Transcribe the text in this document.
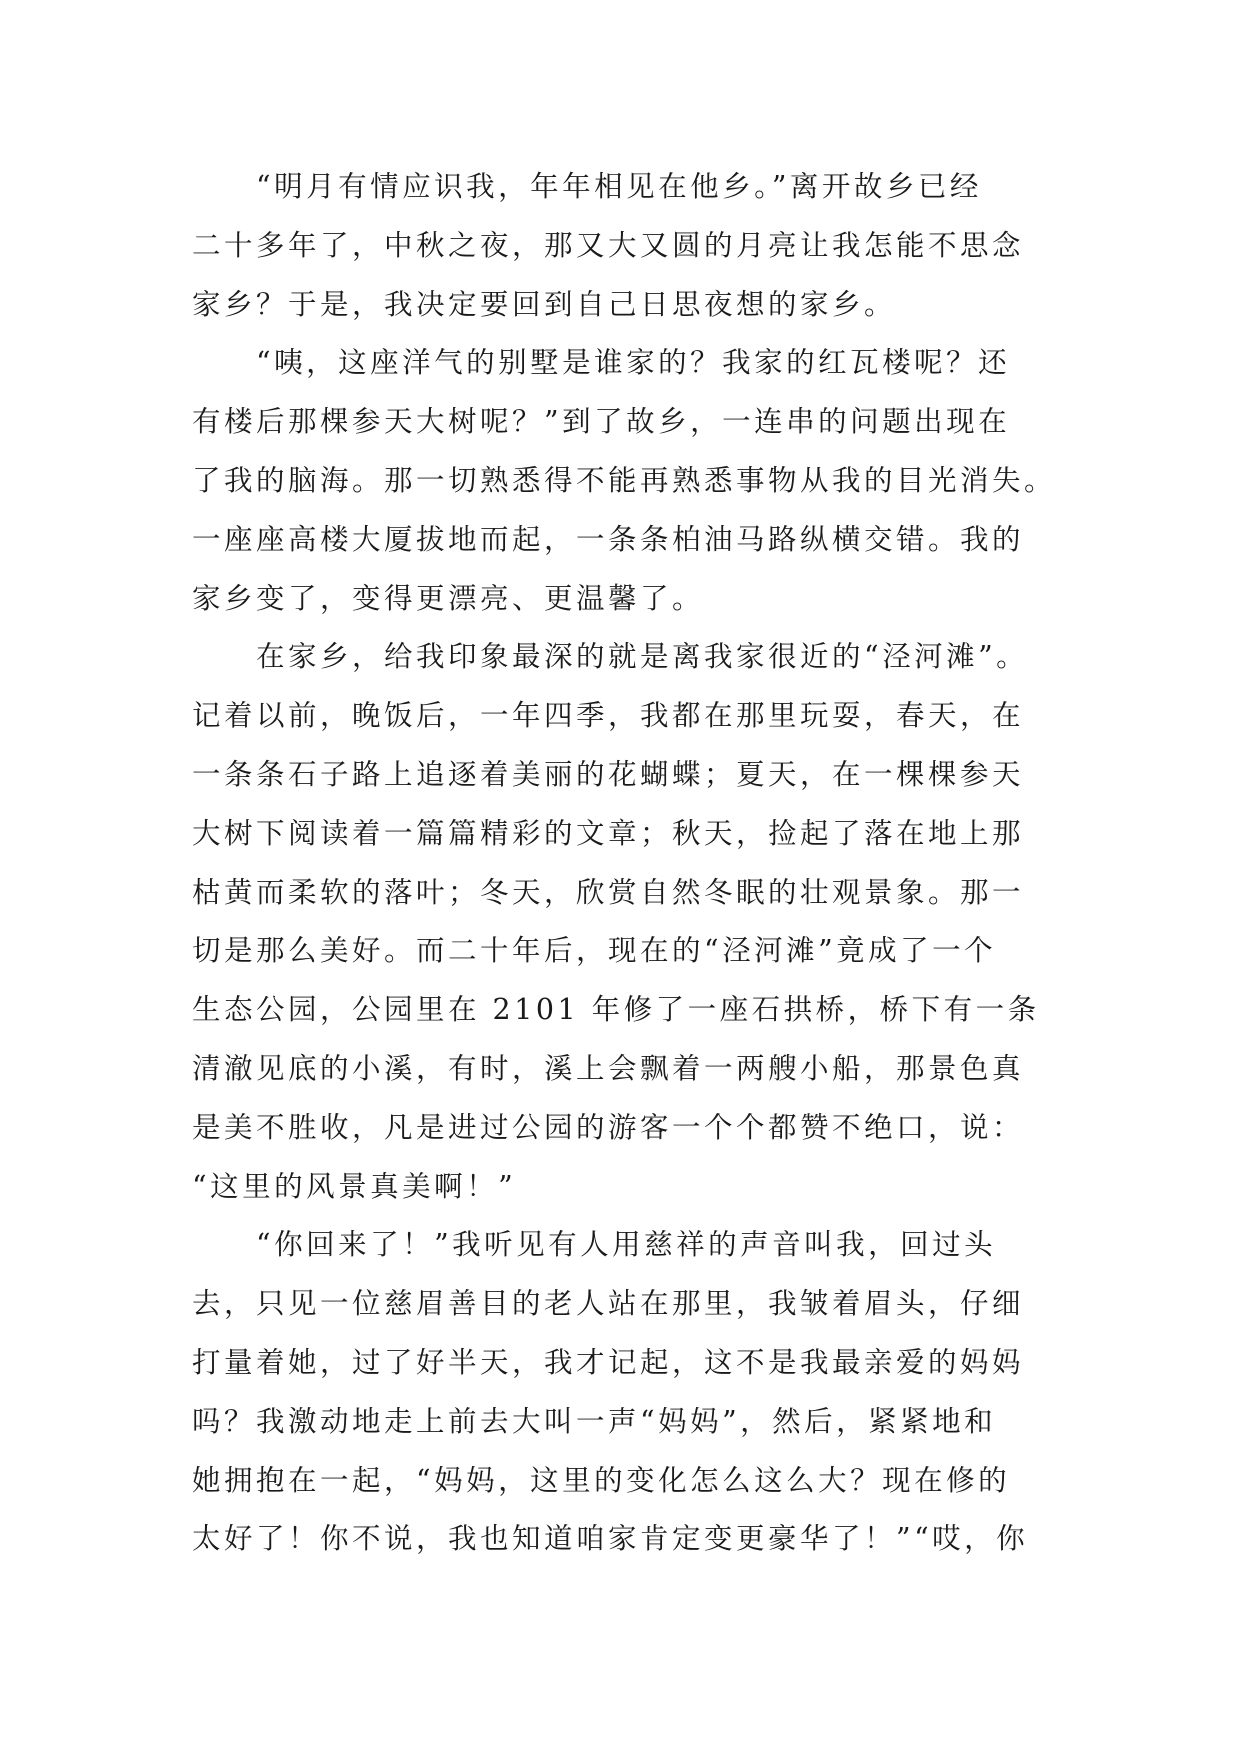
“明月有情应识我，年年相见在他乡。”离开故乡已经
二十多年了，中秋之夜，那又大又圆的月亮让我怎能不思念
家乡？于是，我决定要回到自己日思夜想的家乡。
“咦，这座洋气的别墅是谁家的？我家的红瓦楼呢？还
有楼后那棵参天大树呢？”到了故乡，一连串的问题出现在
了我的脑海。那一切熟悉得不能再熟悉事物从我的目光消失。
一座座高楼大厦拔地而起，一条条柏油马路纵横交错。我的
家乡变了，变得更漂亮、更温馨了。
在家乡，给我印象最深的就是离我家很近的“泾河滩”。
记着以前，晚饭后，一年四季，我都在那里玩耍，春天，在
一条条石子路上追逐着美丽的花蝴蝶；夏天，在一棵棵参天
大树下阅读着一篇篇精彩的文章；秋天，捡起了落在地上那
枯黄而柔软的落叶；冬天，欣赏自然冬眠的壮观景象。那一
切是那么美好。而二十年后，现在的“泾河滩”竟成了一个
生态公园，公园里在 2101 年修了一座石拱桥，桥下有一条
清澈见底的小溪，有时，溪上会飘着一两艘小船，那景色真
是美不胜收，凡是进过公园的游客一个个都赞不绝口，说：
“这里的风景真美啊！”
“你回来了！”我听见有人用慈祥的声音叫我，回过头
去，只见一位慈眉善目的老人站在那里，我皱着眉头，仔细
打量着她，过了好半天，我才记起，这不是我最亲爱的妈妈
吗？我激动地走上前去大叫一声“妈妈”，然后，紧紧地和
她拥抱在一起，“妈妈，这里的变化怎么这么大？现在修的
太好了！你不说，我也知道咱家肯定变更豪华了！”“哎，你
